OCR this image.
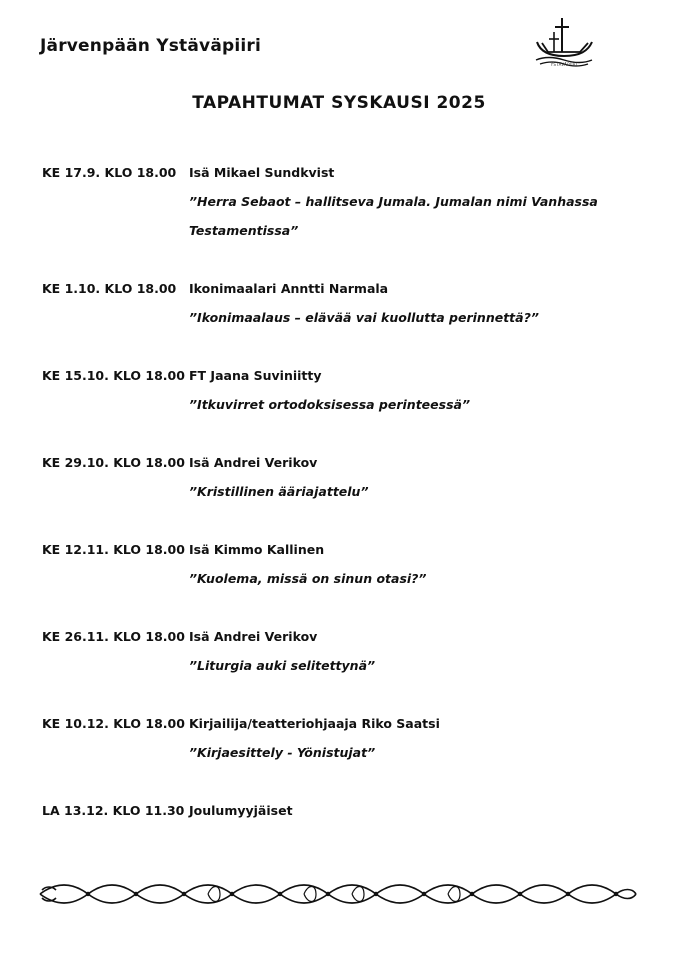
Järvenpään Ystäväpiiri
YSTÄVÄPIIRI
TAPAHTUMAT SYSKAUSI 2025
KE 17.9. KLO 18.00	Isä Mikael Sundkvist
”Herra Sebaot – hallitseva Jumala. Jumalan nimi Vanhassa
Testamentissa”
KE 1.10. KLO 18.00	Ikonimaalari Anntti Narmala
”Ikonimaalaus – elävää vai kuollutta perinnettä?”
KE 15.10. KLO 18.00 FT Jaana Suviniitty
”Itkuvirret ortodoksisessa perinteessä”
KE 29.10. KLO 18.00 Isä Andrei Verikov
”Kristillinen ääriajattelu”
KE 12.11. KLO 18.00 Isä Kimmo Kallinen
”Kuolema, missä on sinun otasi?”
KE 26.11. KLO 18.00 Isä Andrei Verikov
”Liturgia auki selitettynä”
KE 10.12. KLO 18.00 Kirjailija/teatteriohjaaja Riko Saatsi
”Kirjaesittely - Yönistujat”
LA 13.12. KLO 11.30 Joulumyyjäiset
